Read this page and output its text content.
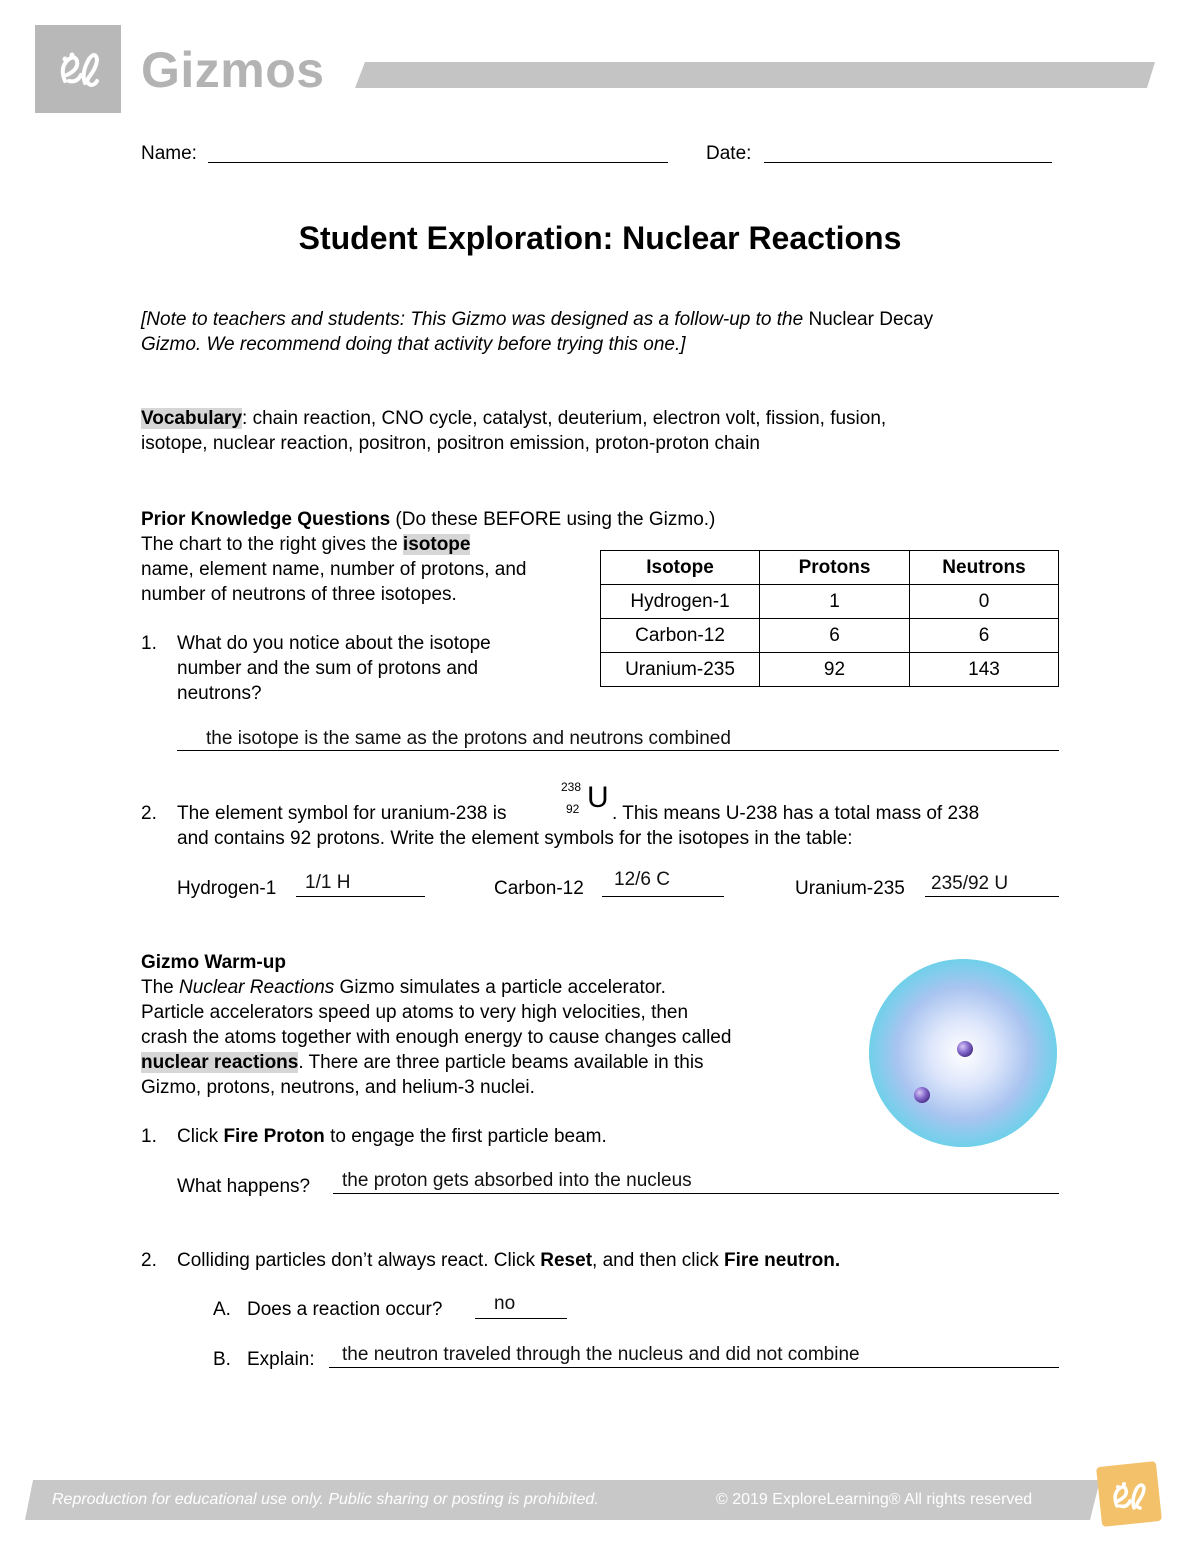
Gizmos
Name:	Date:
Student Exploration: Nuclear Reactions
[Note to teachers and students: This Gizmo was designed as a follow-up to the Nuclear Decay
Gizmo. We recommend doing that activity before trying this one.]
Vocabulary: chain reaction, CNO cycle, catalyst, deuterium, electron volt, fission, fusion,
isotope, nuclear reaction, positron, positron emission, proton-proton chain
Prior Knowledge Questions (Do these BEFORE using the Gizmo.)
The chart to the right gives the isotope
name, element name, number of protons, and
number of neutrons of three isotopes.
1. What do you notice about the isotope
number and the sum of protons and
neutrons?
the isotope is the same as the protons and neutrons combined
Isotope	Protons	Neutrons
Hydrogen-1	1	0
Carbon-12	6	6
Uranium-235	92	143
2. The element symbol for uranium-238 is
238
92 U . This means U-238 has a total mass of 238
and contains 92 protons. Write the element symbols for the isotopes in the table:
Hydrogen-1 1/1 H	Carbon-12 12/6 C	Uranium-235 235/92 U
Gizmo Warm-up
The Nuclear Reactions Gizmo simulates a particle accelerator.
Particle accelerators speed up atoms to very high velocities, then
crash the atoms together with enough energy to cause changes called
nuclear reactions. There are three particle beams available in this
Gizmo, protons, neutrons, and helium-3 nuclei.
1. Click Fire Proton to engage the first particle beam.
What happens? the proton gets absorbed into the nucleus
2. Colliding particles don’t always react. Click Reset, and then click Fire neutron.
A. Does a reaction occur?	no
B. Explain: the neutron traveled through the nucleus and did not combine
Reproduction for educational use only. Public sharing or posting is prohibited.	© 2019 ExploreLearning® All rights reserved
